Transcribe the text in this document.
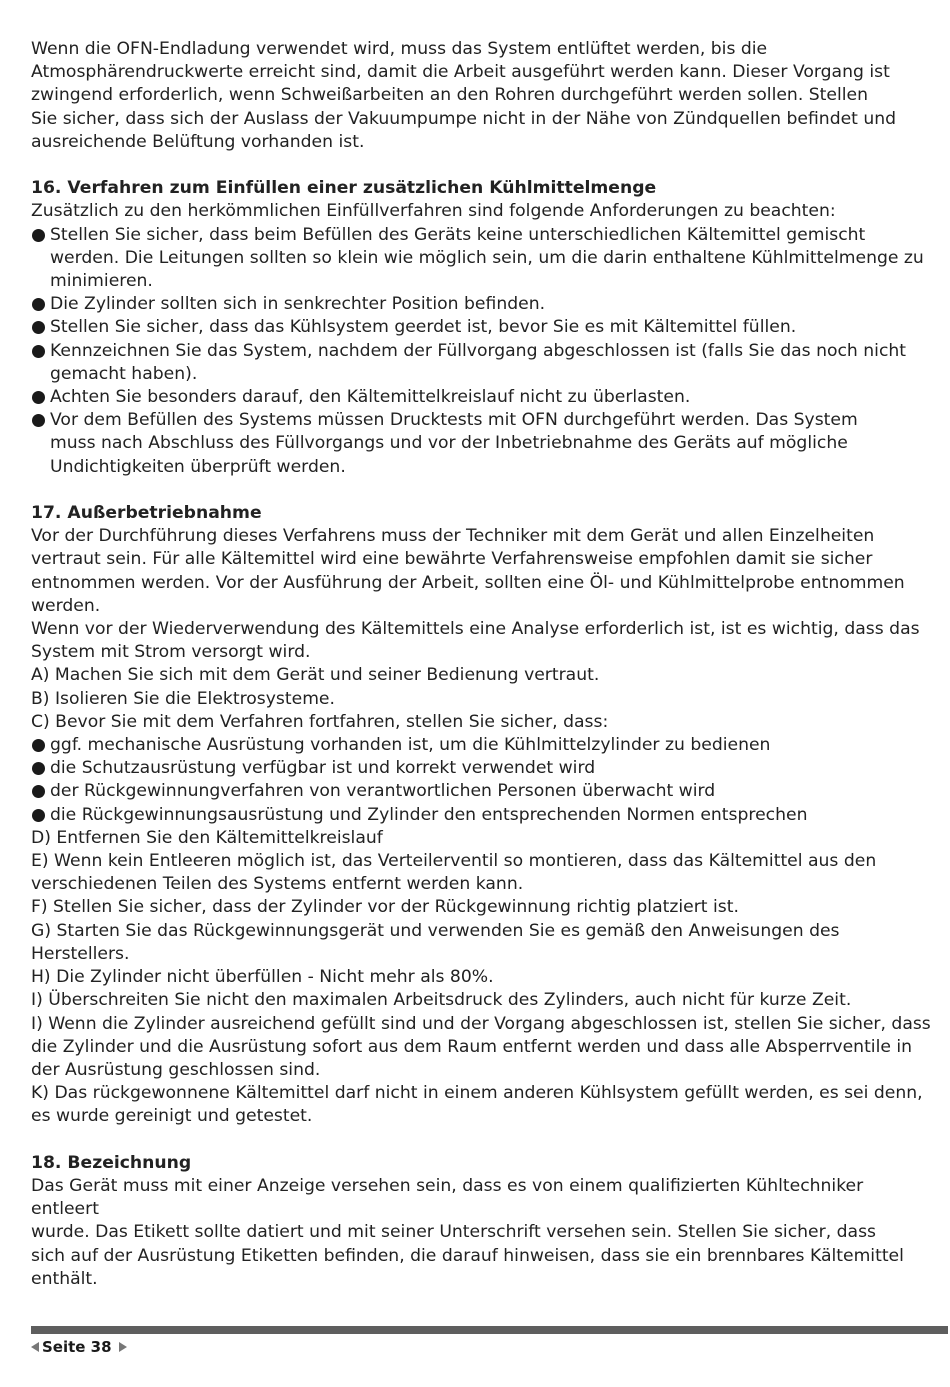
Wenn die OFN-Endladung verwendet wird, muss das System entlüftet werden, bis die
Atmosphärendruckwerte erreicht sind, damit die Arbeit ausgeführt werden kann. Dieser Vorgang ist
zwingend erforderlich, wenn Schweißarbeiten an den Rohren durchgeführt werden sollen. Stellen
Sie sicher, dass sich der Auslass der Vakuumpumpe nicht in der Nähe von Zündquellen befindet und
ausreichende Belüftung vorhanden ist.

16. Verfahren zum Einfüllen einer zusätzlichen Kühlmittelmenge

Zusätzlich zu den herkömmlichen Einfüllverfahren sind folgende Anforderungen zu beachten:

Stellen Sie sicher, dass beim Befüllen des Geräts keine unterschiedlichen Kältemittel gemischt
werden. Die Leitungen sollten so klein wie möglich sein, um die darin enthaltene Kühlmittelmenge zu
minimieren.
Die Zylinder sollten sich in senkrechter Position befinden.
Stellen Sie sicher, dass das Kühlsystem geerdet ist, bevor Sie es mit Kältemittel füllen.
Kennzeichnen Sie das System, nachdem der Füllvorgang abgeschlossen ist (falls Sie das noch nicht
gemacht haben).
Achten Sie besonders darauf, den Kältemittelkreislauf nicht zu überlasten.
Vor dem Befüllen des Systems müssen Drucktests mit OFN durchgeführt werden. Das System
muss nach Abschluss des Füllvorgangs und vor der Inbetriebnahme des Geräts auf mögliche
Undichtigkeiten überprüft werden.

17. Außerbetriebnahme

Vor der Durchführung dieses Verfahrens muss der Techniker mit dem Gerät und allen Einzelheiten
vertraut sein. Für alle Kältemittel wird eine bewährte Verfahrensweise empfohlen damit sie sicher
entnommen werden. Vor der Ausführung der Arbeit, sollten eine Öl- und Kühlmittelprobe entnommen
werden.

Wenn vor der Wiederverwendung des Kältemittels eine Analyse erforderlich ist, ist es wichtig, dass das
System mit Strom versorgt wird.

A) Machen Sie sich mit dem Gerät und seiner Bedienung vertraut.

B) Isolieren Sie die Elektrosysteme.

C) Bevor Sie mit dem Verfahren fortfahren, stellen Sie sicher, dass:

ggf. mechanische Ausrüstung vorhanden ist, um die Kühlmittelzylinder zu bedienen
die Schutzausrüstung verfügbar ist und korrekt verwendet wird
der Rückgewinnungverfahren von verantwortlichen Personen überwacht wird
die Rückgewinnungsausrüstung und Zylinder den entsprechenden Normen entsprechen

D) Entfernen Sie den Kältemittelkreislauf

E) Wenn kein Entleeren möglich ist, das Verteilerventil so montieren, dass das Kältemittel aus den
verschiedenen Teilen des Systems entfernt werden kann.

F) Stellen Sie sicher, dass der Zylinder vor der Rückgewinnung richtig platziert ist.

G) Starten Sie das Rückgewinnungsgerät und verwenden Sie es gemäß den Anweisungen des
Herstellers.

H) Die Zylinder nicht überfüllen - Nicht mehr als 80%.

I) Überschreiten Sie nicht den maximalen Arbeitsdruck des Zylinders, auch nicht für kurze Zeit.

I) Wenn die Zylinder ausreichend gefüllt sind und der Vorgang abgeschlossen ist, stellen Sie sicher, dass
die Zylinder und die Ausrüstung sofort aus dem Raum entfernt werden und dass alle Absperrventile in
der Ausrüstung geschlossen sind.

K) Das rückgewonnene Kältemittel darf nicht in einem anderen Kühlsystem gefüllt werden, es sei denn,
es wurde gereinigt und getestet.

18. Bezeichnung

Das Gerät muss mit einer Anzeige versehen sein, dass es von einem qualifizierten Kühltechniker entleert
wurde. Das Etikett sollte datiert und mit seiner Unterschrift versehen sein. Stellen Sie sicher, dass
sich auf der Ausrüstung Etiketten befinden, die darauf hinweisen, dass sie ein brennbares Kältemittel
enthält.

Seite 38
